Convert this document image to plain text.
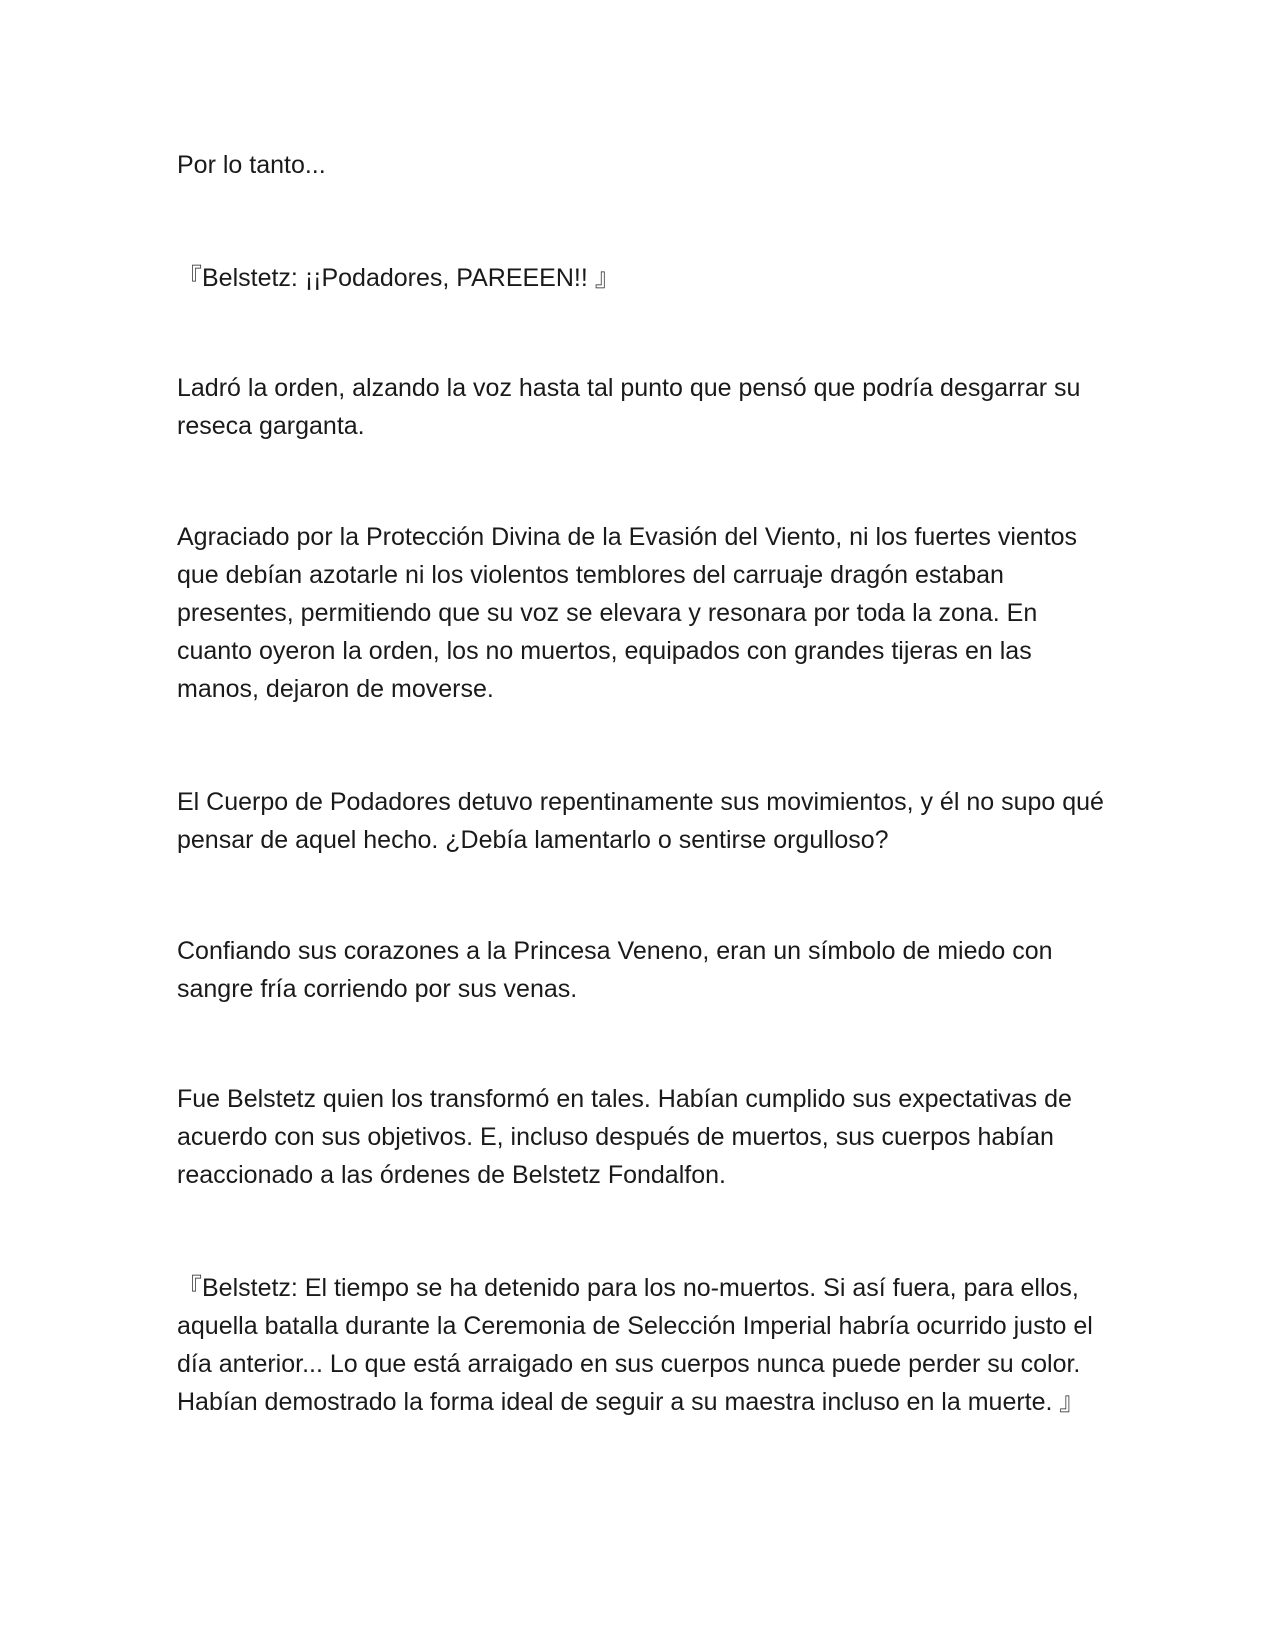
Por lo tanto...

『Belstetz: ¡¡Podadores, PAREEEN!! 』

Ladró la orden, alzando la voz hasta tal punto que pensó que podría desgarrar su reseca garganta.

Agraciado por la Protección Divina de la Evasión del Viento, ni los fuertes vientos que debían azotarle ni los violentos temblores del carruaje dragón estaban presentes, permitiendo que su voz se elevara y resonara por toda la zona. En cuanto oyeron la orden, los no muertos, equipados con grandes tijeras en las manos, dejaron de moverse.

El Cuerpo de Podadores detuvo repentinamente sus movimientos, y él no supo qué pensar de aquel hecho. ¿Debía lamentarlo o sentirse orgulloso?

Confiando sus corazones a la Princesa Veneno, eran un símbolo de miedo con sangre fría corriendo por sus venas.

Fue Belstetz quien los transformó en tales. Habían cumplido sus expectativas de acuerdo con sus objetivos. E, incluso después de muertos, sus cuerpos habían reaccionado a las órdenes de Belstetz Fondalfon.

『Belstetz: El tiempo se ha detenido para los no-muertos. Si así fuera, para ellos, aquella batalla durante la Ceremonia de Selección Imperial habría ocurrido justo el día anterior... Lo que está arraigado en sus cuerpos nunca puede perder su color. Habían demostrado la forma ideal de seguir a su maestra incluso en la muerte. 』
